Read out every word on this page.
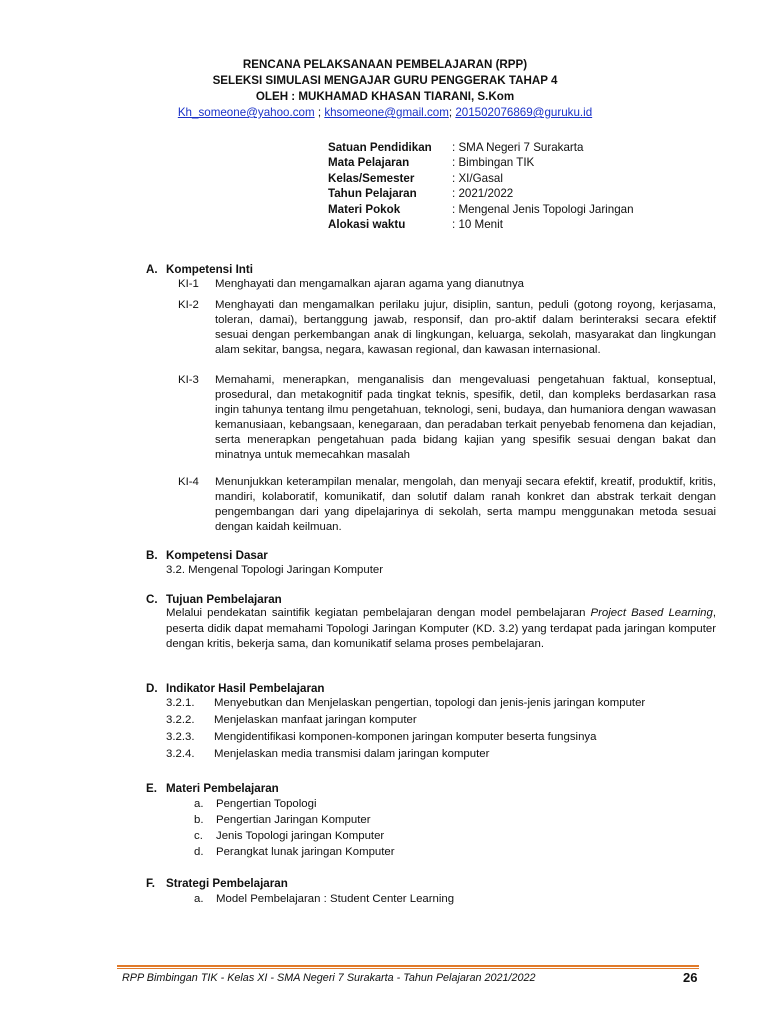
RENCANA PELAKSANAAN PEMBELAJARAN (RPP)
SELEKSI SIMULASI MENGAJAR GURU PENGGERAK TAHAP 4
OLEH : MUKHAMAD KHASAN TIARANI, S.Kom
Kh_someone@yahoo.com ; khsomeone@gmail.com; 201502076869@guruku.id
Satuan Pendidikan	: SMA Negeri 7 Surakarta
Mata Pelajaran	: Bimbingan TIK
Kelas/Semester	: XI/Gasal
Tahun Pelajaran	: 2021/2022
Materi Pokok	: Mengenal Jenis Topologi Jaringan
Alokasi waktu	: 10 Menit
A. Kompetensi Inti
KI-1	Menghayati dan mengamalkan ajaran agama yang dianutnya
KI-2	Menghayati dan mengamalkan perilaku jujur, disiplin, santun, peduli (gotong royong, kerjasama, toleran, damai), bertanggung jawab, responsif, dan pro-aktif dalam berinteraksi secara efektif sesuai dengan perkembangan anak di lingkungan, keluarga, sekolah, masyarakat dan lingkungan alam sekitar, bangsa, negara, kawasan regional, dan kawasan internasional.
KI-3	Memahami, menerapkan, menganalisis dan mengevaluasi pengetahuan faktual, konseptual, prosedural, dan metakognitif pada tingkat teknis, spesifik, detil, dan kompleks berdasarkan rasa ingin tahunya tentang ilmu pengetahuan, teknologi, seni, budaya, dan humaniora dengan wawasan kemanusiaan, kebangsaan, kenegaraan, dan peradaban terkait penyebab fenomena dan kejadian, serta menerapkan pengetahuan pada bidang kajian yang spesifik sesuai dengan bakat dan minatnya untuk memecahkan masalah
KI-4	Menunjukkan keterampilan menalar, mengolah, dan menyaji secara efektif, kreatif, produktif, kritis, mandiri, kolaboratif, komunikatif, dan solutif dalam ranah konkret dan abstrak terkait dengan pengembangan dari yang dipelajarinya di sekolah, serta mampu menggunakan metoda sesuai dengan kaidah keilmuan.
B. Kompetensi Dasar
3.2. Mengenal Topologi Jaringan Komputer
C. Tujuan Pembelajaran
Melalui pendekatan saintifik kegiatan pembelajaran dengan model pembelajaran Project Based Learning, peserta didik dapat memahami Topologi Jaringan Komputer (KD. 3.2) yang terdapat pada jaringan komputer dengan kritis, bekerja sama, dan komunikatif selama proses pembelajaran.
D. Indikator Hasil Pembelajaran
3.2.1. Menyebutkan dan Menjelaskan pengertian, topologi dan jenis-jenis jaringan komputer
3.2.2. Menjelaskan manfaat jaringan komputer
3.2.3. Mengidentifikasi komponen-komponen jaringan komputer beserta fungsinya
3.2.4. Menjelaskan media transmisi dalam jaringan komputer
E. Materi Pembelajaran
a. Pengertian Topologi
b. Pengertian Jaringan Komputer
c. Jenis Topologi jaringan Komputer
d. Perangkat lunak jaringan Komputer
F. Strategi Pembelajaran
a. Model Pembelajaran : Student Center Learning
RPP Bimbingan TIK - Kelas XI - SMA Negeri 7 Surakarta - Tahun Pelajaran 2021/2022	26
